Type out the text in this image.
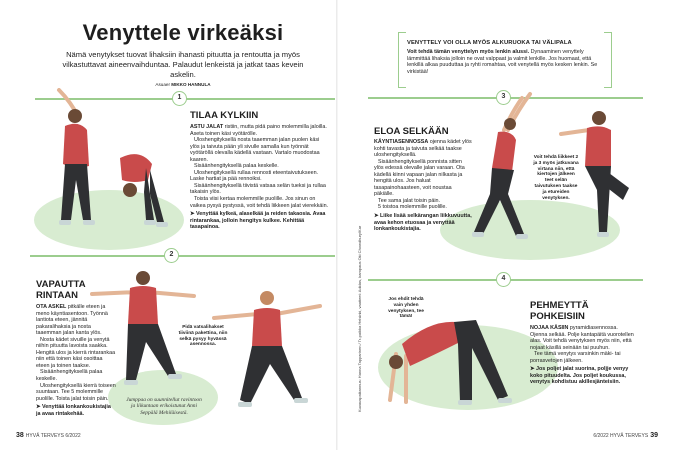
Venyttele virkeäksi

Nämä venytykset tuovat lihaksiin ihanasti pituutta ja rentoutta ja myös vilkastuttavat aineenvaihduntaa. Palaudut lenkeistä ja jatkat taas kevein askelin.

Asuaer MIKKO HANNULA

VENYTTELY VOI OLLA MYÖS ALKURUOKA TAI VÄLIPALA
Voit tehdä tämän venyttelyn myös lenkin alussi. Dynaaminen venyttely lämmittää lihaksia jolloin ne ovat valppaat ja valmit lenkille. Jos huomaat, että lenkillä alkaa puuduttaa ja ryhti romahtaa, voit venytellä myös kesken lenkin. Se virkistää!
1
2
3
4
TILAA KYLKIIN

ASTU JALAT ristiin, mutta pidä paino molemmilla jaloilla. Aseta toinen käsi vyötärölle.

Uloshengityksellä nosta taaemman jalan puolen käsi ylös ja taivuta pään yli sivulle samalla kun työnnät vyötäröllä olevalla kädellä vastaan. Vartalo muodostaa kaaren.

Sisäänhengityksellä palaa keskelle.

Uloshengityksellä rullaa rennosti eteentaivutukseen. Laske hartiat ja pää rennoiksi.

Sisäänhengityksellä tiivistä vatsaa selän tueksi ja rullaa takaisin ylös.

Toista viisi kertaa molemmille puolille. Jos sinun on vaikea pysyä pystyssä, voit tehdä liikkeen jalat vierekkäin.

➤ Venyttää kylkeä, alaselkää ja reiden takaosia. Avaa rintarankaa, jolloin hengitys kulkee. Kehittää tasapainoa.

VAPAUTTA
RINTAAN

OTA ASKEL pitkälle eteen ja meno käyntiasentoon. Työnnä lantiota eteen, jännitä pakaralihaksia ja nosta taaemman jalan kanta ylös.

Nosta kädet sivuille ja venytä niihin pituutta lavoista saakka. Hengitä ulos ja kierrä rintarankaa niin että toinen käsi osoittaa eteen ja toinen taakse.

Sisäänhengityksellä palaa keskelle.

Uloshengityksellä kierrä toiseen suuntaan. Tee 5 molemmille puolille. Toista jalat toisin päin.

➤ Venyttää lonkankoukistajia ja avaa rintakehää.

ELOA SELKÄÄN

KÄYNTIASENNOSSA ojenna kädet ylös kohti tavasta ja taivuta selkää taakse uloshengityksellä.

Sisäänhengityksellä ponnista sitten ylös edessä olevalle jalan varaan. Ota kädellä kiinni vapaan jalan nilkasta ja hengitä ulos. Jos haluat tasapainohaasteen, voit noustaa päkiälle.

Tee sama jalat toisin päin.

5 toistoa molemmille puolille.

➤ Liike lisää selkärangan liikkuvuutta, avaa kehon etuosaa ja venyttää lonkankoukistajia.

PEHMEYTTÄ
POHKEISIIN

NOJAA KÄSIIN pyramidiasennossa. Ojenna selkää. Polje kantapäitä vuorotellen alas. Voit tehdä venytyksen myös niin, että nojaat käsillä seinään tai puuhun.

Tee tämä venytys varsinkin mäki- tai porrasvetojen jälkeen.

➤ Jos poljet jalat suorina, poljje venyy koko pituudelta. Jos poljet koukussa, venytys kohdistuu akillesjänteisiin.

Pidä vatsalihakset tiiviinä pakettina, niin selkä pysyy hyvässä asennossa.
Voit tehdä liikkeet 2 ja 3 myös jatkuvana virtana niin, että kiertojen jälkeen teet selän taivutuksen taakse ja etureiden venytyksen.
Jos ehdit tehdä vain yhden venytyksen, tee tämä!
Jumppaa on suunnitellut ravintoon ja liikuntaan erikoistunut Anni Seppälä Mehiläisestä.
Kuvauspaikannus: Hanna Tapparinen / Tr-paikka Helsinki, vaatteet: Adidas, kampaus Oki Chowdhury/Kar
38 HYVÄ TERVEYS 6/2022	6/2022 HYVÄ TERVEYS 39
